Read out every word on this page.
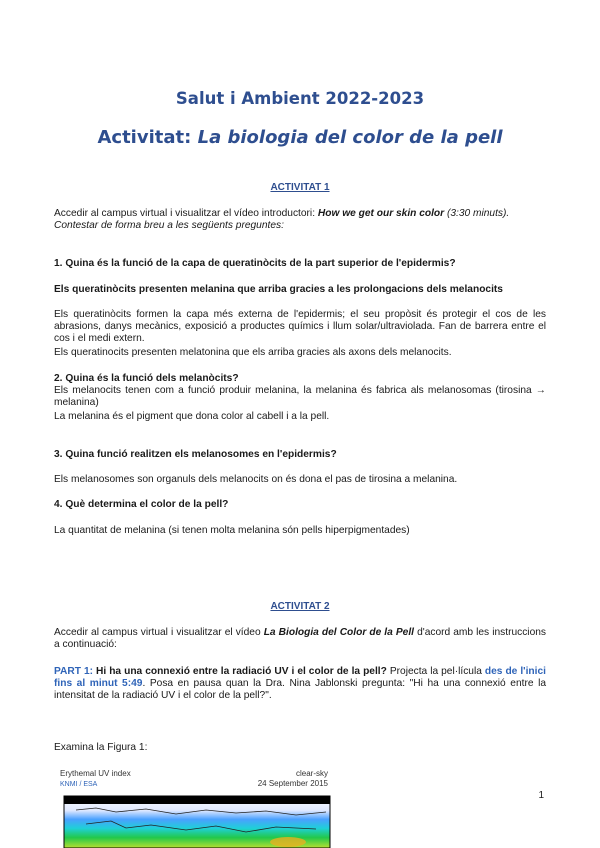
Salut i Ambient 2022-2023
Activitat: La biologia del color de la pell
ACTIVITAT 1
Accedir al campus virtual i visualitzar el vídeo introductori: How we get our skin color (3:30 minuts).
Contestar de forma breu a les següents preguntes:
1. Quina és la funció de la capa de queratinòcits de la part superior de l'epidermis?
Els queratinòcits presenten melanina que arriba gracies a les prolongacions dels melanocits
Els queratinòcits formen la capa més externa de l'epidermis; el seu propòsit és protegir el cos de les abrasions, danys mecànics, exposició a productes químics i llum solar/ultraviolada. Fan de barrera entre el cos i el medi extern.
Els queratinocits presenten melatonina que els arriba gracies als axons dels melanocits.
2. Quina és la funció dels melanòcits?
Els melanocits tenen com a funció produir melanina, la melanina és fabrica als melanosomas (tirosina → melanina)
La melanina és el pigment que dona color al cabell i a la pell.
3. Quina funció realitzen els melanosomes en l'epidermis?
Els melanosomes son organuls dels melanocits on és dona el pas de tirosina a melanina.
4. Què determina el color de la pell?
La quantitat de melanina (si tenen molta melanina són pells hiperpigmentades)
ACTIVITAT 2
Accedir al campus virtual i visualitzar el vídeo La Biologia del Color de la Pell d'acord amb les instruccions a continuació:
PART 1: Hi ha una connexió entre la radiació UV i el color de la pell? Projecta la pel·lícula des de l'inici fins al minut 5:49. Posa en pausa quan la Dra. Nina Jablonski pregunta: "Hi ha una connexió entre la intensitat de la radiació UV i el color de la pell?".
Examina la Figura 1:
Erythemal UV index
KNMI / ESA
clear-sky
24 September 2015
1
